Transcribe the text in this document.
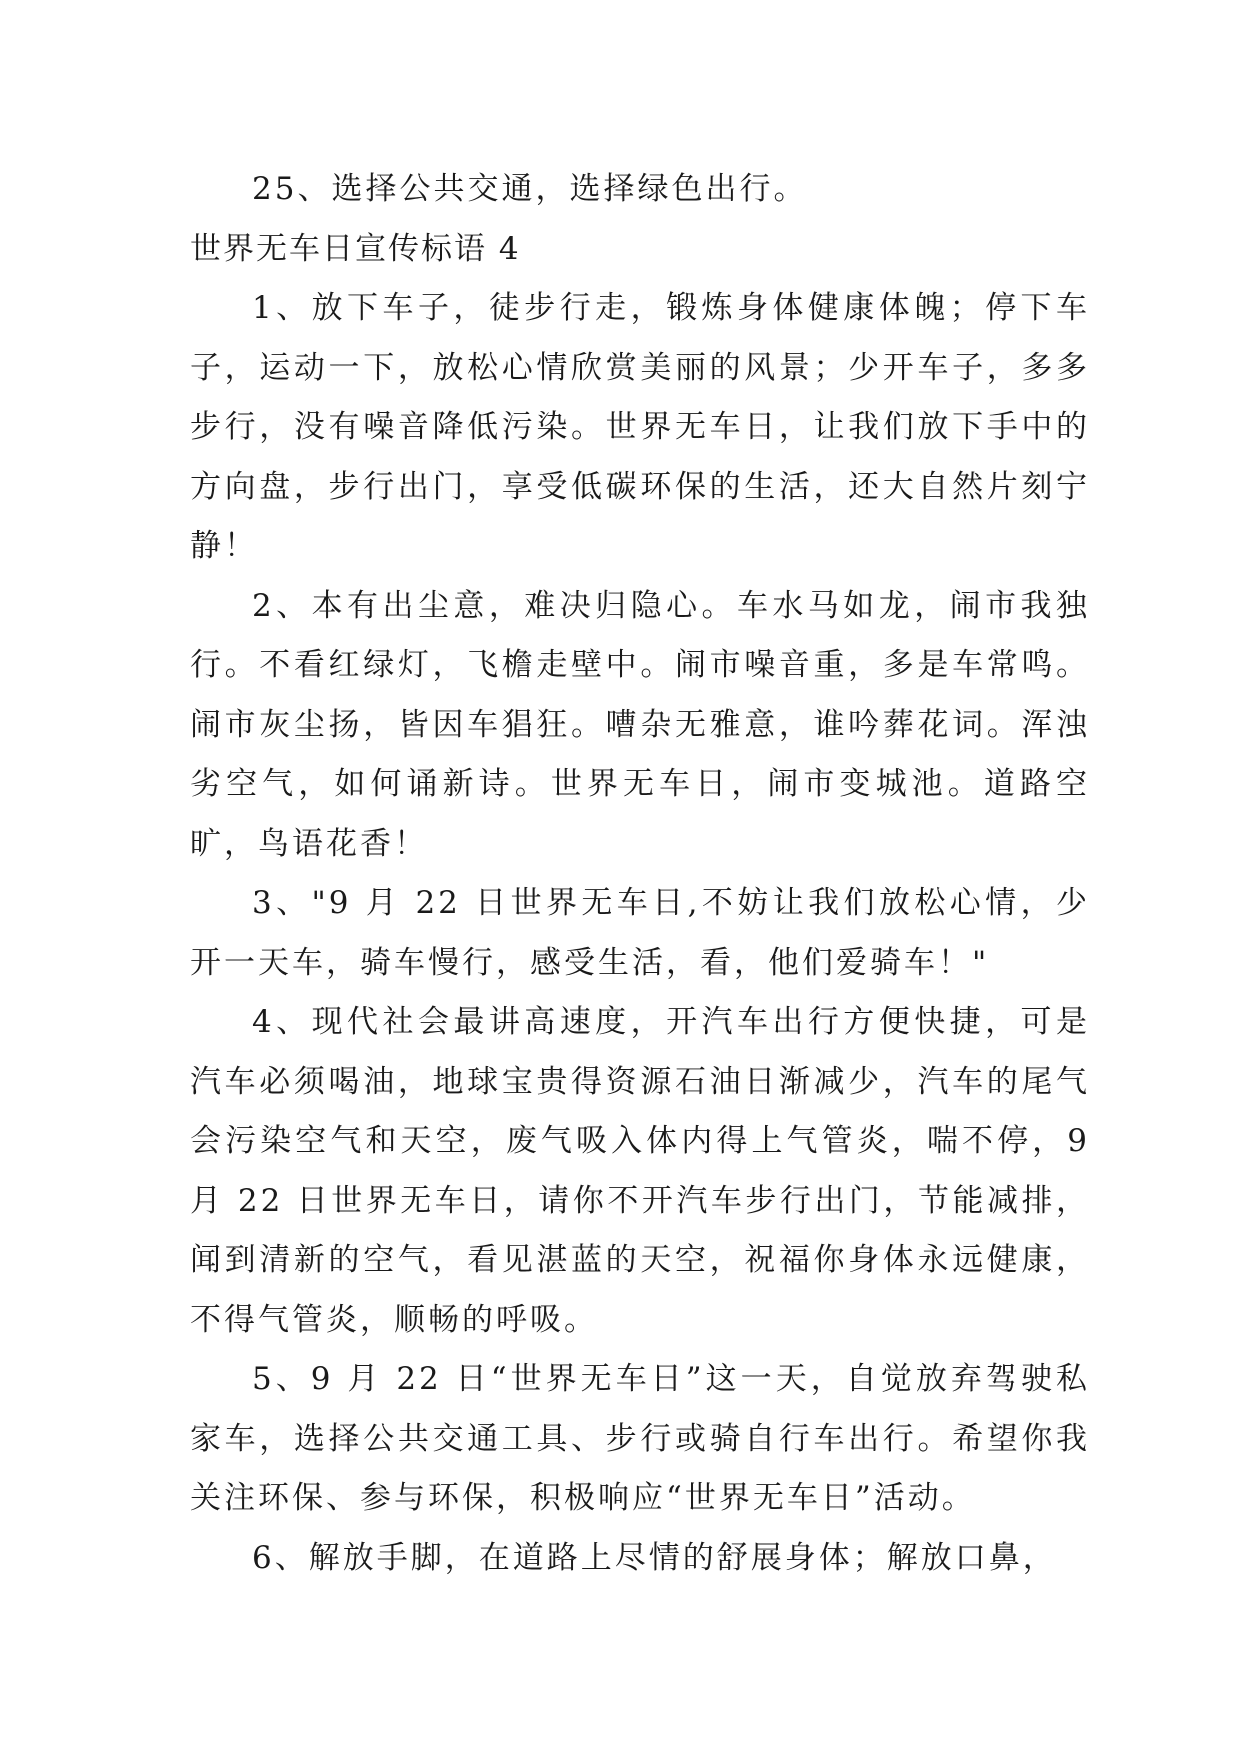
25、选择公共交通，选择绿色出行。

世界无车日宣传标语 4

1、放下车子，徒步行走，锻炼身体健康体魄；停下车子，运动一下，放松心情欣赏美丽的风景；少开车子，多多步行，没有噪音降低污染。世界无车日，让我们放下手中的方向盘，步行出门，享受低碳环保的生活，还大自然片刻宁静！

2、本有出尘意，难决归隐心。车水马如龙，闹市我独行。不看红绿灯，飞檐走壁中。闹市噪音重，多是车常鸣。闹市灰尘扬，皆因车猖狂。嘈杂无雅意，谁吟葬花词。浑浊劣空气，如何诵新诗。世界无车日，闹市变城池。道路空旷，鸟语花香！

3、"9 月 22 日世界无车日,不妨让我们放松心情，少开一天车，骑车慢行，感受生活，看，他们爱骑车！"

4、现代社会最讲高速度，开汽车出行方便快捷，可是汽车必须喝油，地球宝贵得资源石油日渐减少，汽车的尾气会污染空气和天空，废气吸入体内得上气管炎，喘不停，9 月 22 日世界无车日，请你不开汽车步行出门，节能减排，闻到清新的空气，看见湛蓝的天空，祝福你身体永远健康，不得气管炎，顺畅的呼吸。

5、9 月 22 日“世界无车日”这一天，自觉放弃驾驶私家车，选择公共交通工具、步行或骑自行车出行。希望你我关注环保、参与环保，积极响应“世界无车日”活动。

6、解放手脚，在道路上尽情的舒展身体；解放口鼻，
